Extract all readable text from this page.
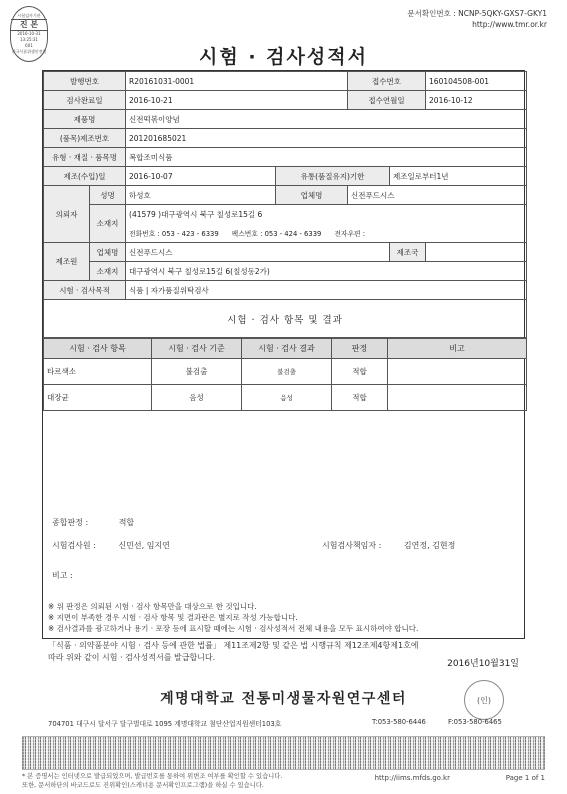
시험검사기관
진 본
2016-10-31
13:25:31
601
한국식품위생안전원
문서확인번호 : NCNP-5QKY-GXS7-GKY1
http://www.tmr.or.kr
시험 · 검사성적서
발행번호		R20161031-0001		접수번호		160104508-001
검사완료일		2016-10-21		접수연월일		2016-10-12
제품명		신전떡볶이양념				
(품목)제조번호		201201685021				
유형 · 재질 · 품목명		복합조미식품				
제조(수입)일		2016-10-07	유통(품질유지)기한		제조일로부터1년	
의뢰자	성명	하성호	업체명	신전푸드시스		
	소재지	(41579 )대구광역시 북구 칠성로15길 6				
		전화번호 : 053 - 423 - 6339 팩스번호 : 053 - 424 - 6339 전자우편 :				
제조원	업체명	신전푸드시스			제조국	
	소재지	대구광역시 북구 칠성로15길 6(칠성동2가)				
시험 · 검사목적		식품 | 자가품질위탁검사				
시험 · 검사 항목 및 결과						
시험 · 검사 항목	시험 · 검사 기준	시험 · 검사 결과	판정	비고
타르색소	불검출	불검출	적합	
대장균	음성	음성	적합	
종합판정 :	적합
시험검사원 :	신민선, 임지연	시험검사책임자 :	김연정, 김현정
비고 :
※ 위 판정은 의뢰된 시험 · 검사 항목만을 대상으로 한 것입니다.
※ 지면이 부족한 경우 시험 · 검사 항목 및 결과란은 별지로 작성 가능합니다.
※ 검사결과를 광고하거나 용기 · 포장 등에 표시할 때에는 시험 · 검사성적서 전체 내용을 모두 표시하여야 합니다.
「식품 · 의약품분야 시험 · 검사 등에 관한 법률」 제11조제2항 및 같은 법 시행규칙 제12조제4항제1호에
따라 위와 같이 시험 · 검사성적서를 발급합니다.
2016년10월31일
계명대학교 전통미생물자원연구센터	(인)
704701 대구시 달서구 달구벌대로 1095 계명대학교 첨단산업지원센터103호	T:053-580-6446	F:053-580-6465
* 본 증명서는 인터넷으로 발급되었으며, 발급번호를 통하여 위변조 여부를 확인할 수 있습니다.
또한, 문서하단의 바코드로도 진위확인(스캐너용 문서확인프로그램)을 하실 수 있습니다.
http://iims.mfds.go.kr	Page 1 of 1
